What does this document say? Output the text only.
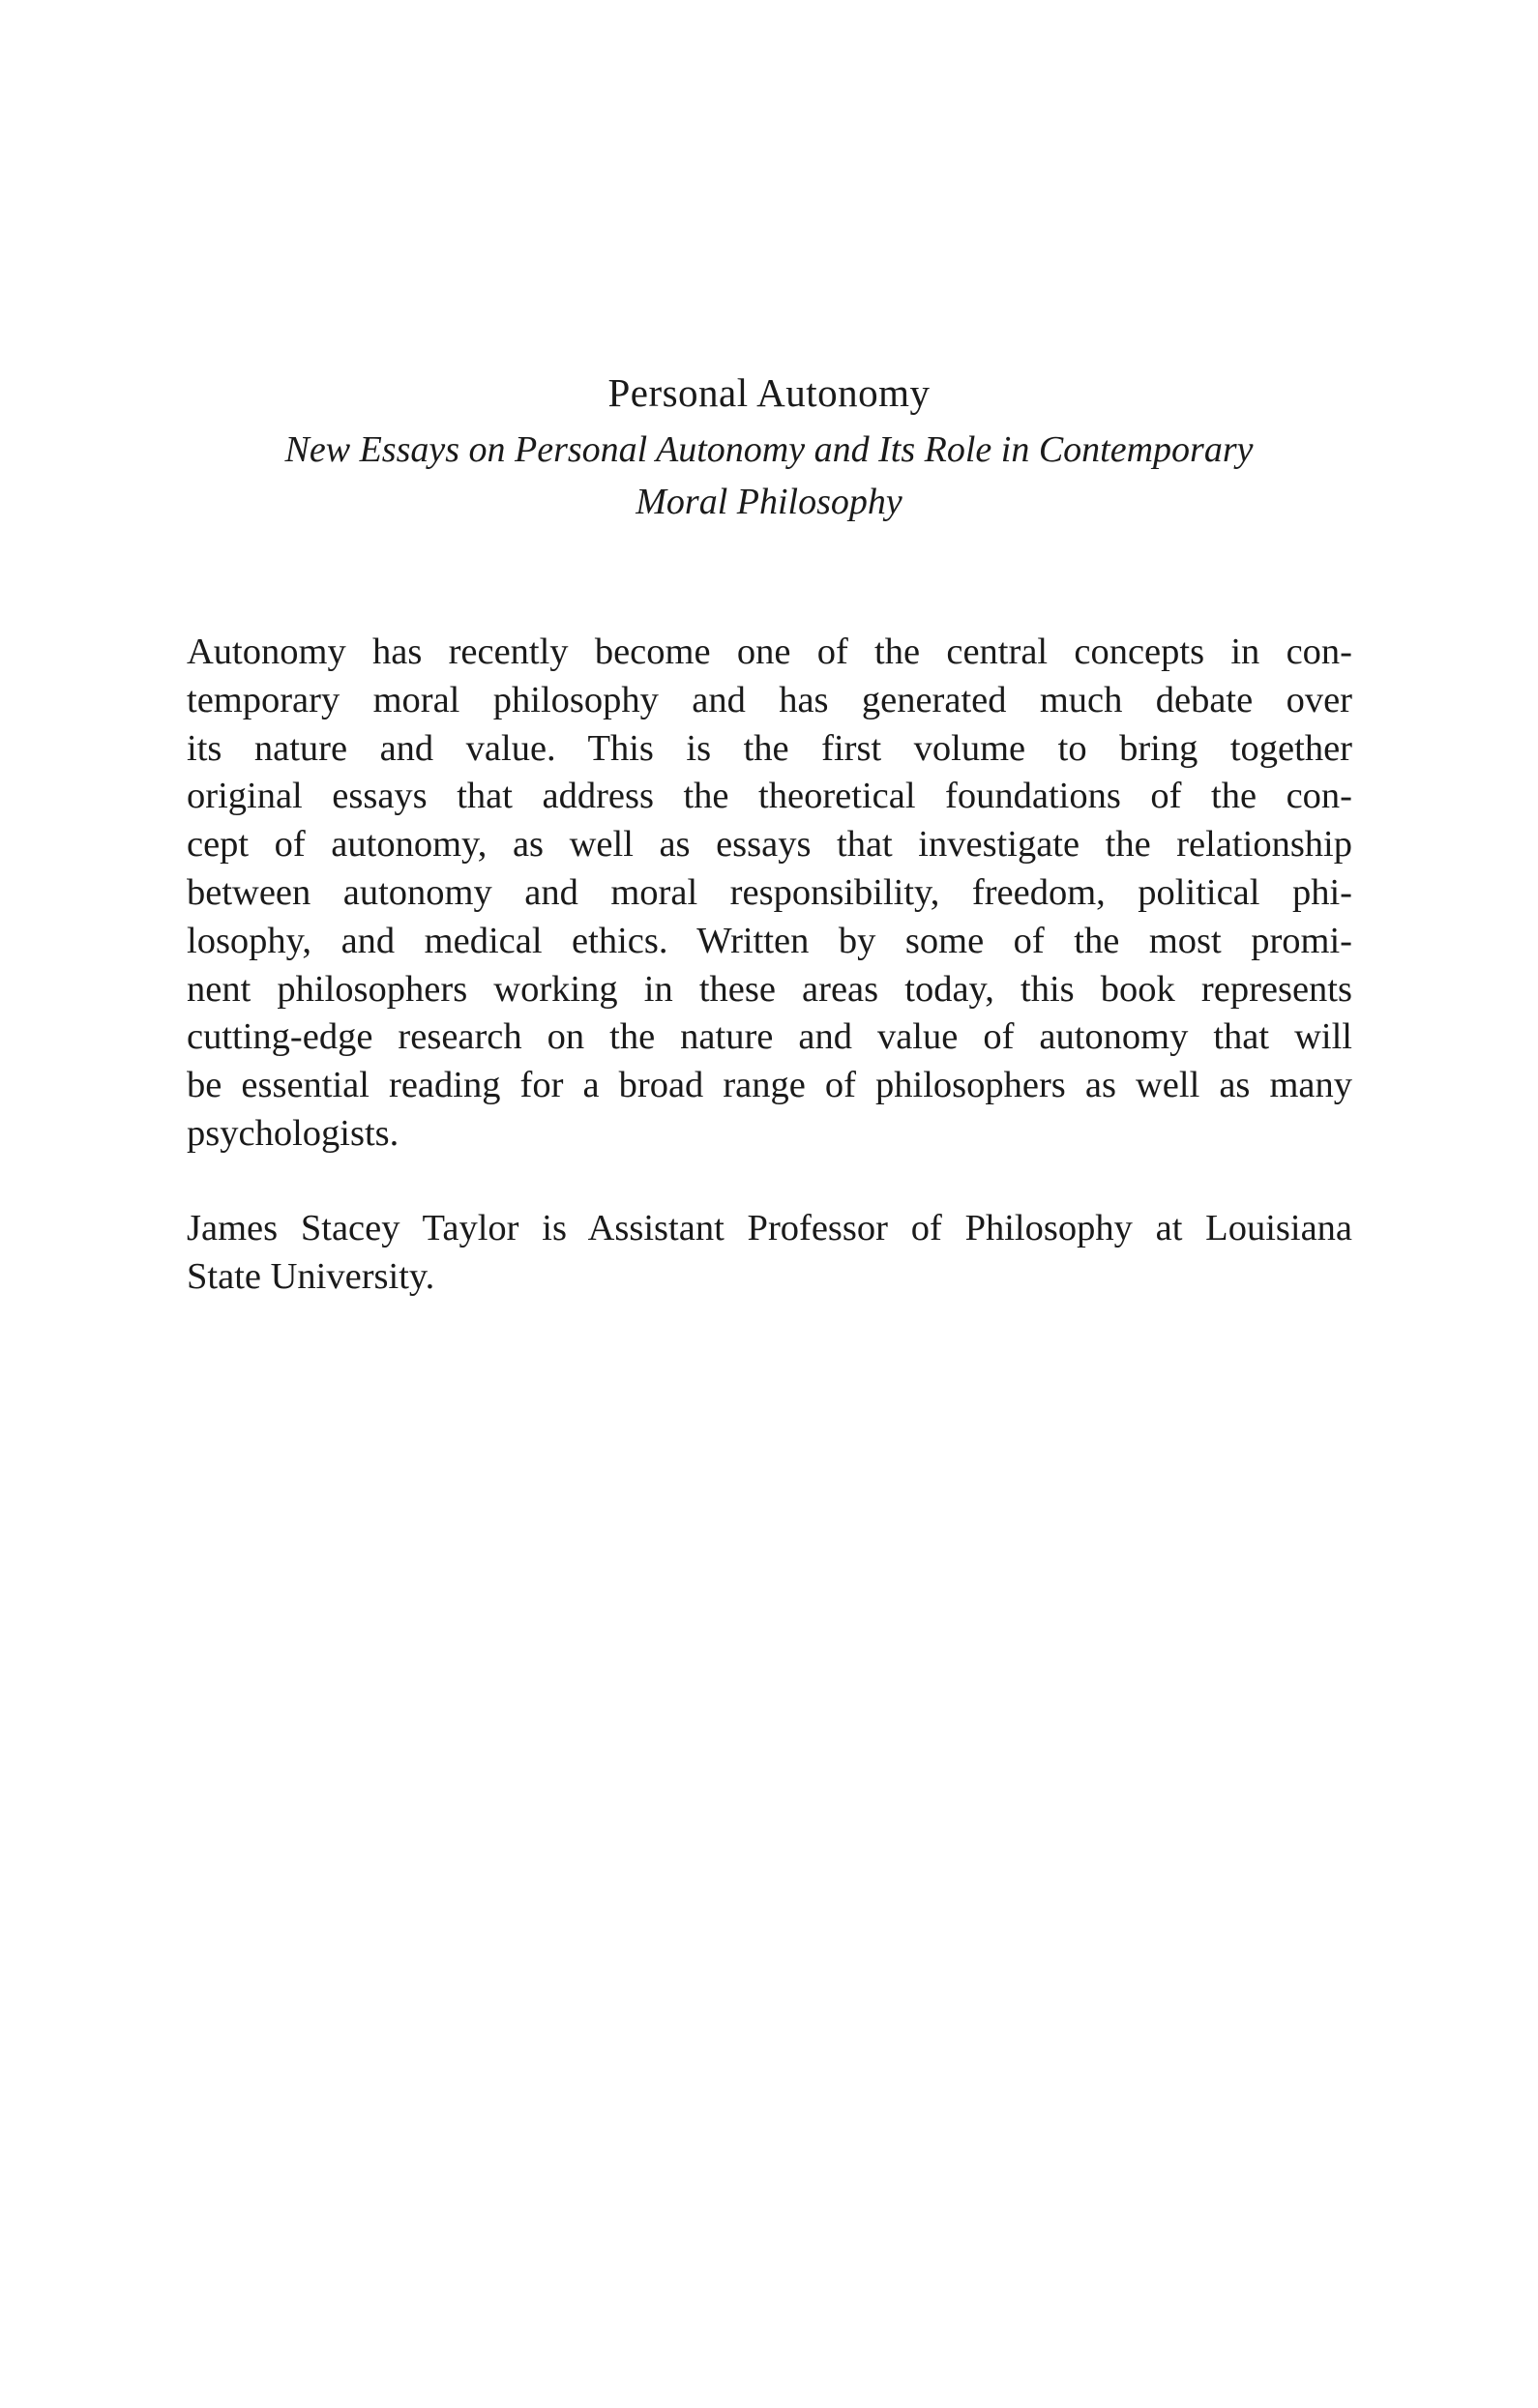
Personal Autonomy
New Essays on Personal Autonomy and Its Role in Contemporary
Moral Philosophy

Autonomy has recently become one of the central concepts in con-
temporary moral philosophy and has generated much debate over
its nature and value. This is the first volume to bring together
original essays that address the theoretical foundations of the con-
cept of autonomy, as well as essays that investigate the relationship
between autonomy and moral responsibility, freedom, political phi-
losophy, and medical ethics. Written by some of the most promi-
nent philosophers working in these areas today, this book represents
cutting-edge research on the nature and value of autonomy that will
be essential reading for a broad range of philosophers as well as many
psychologists.

James Stacey Taylor is Assistant Professor of Philosophy at Louisiana
State University.
